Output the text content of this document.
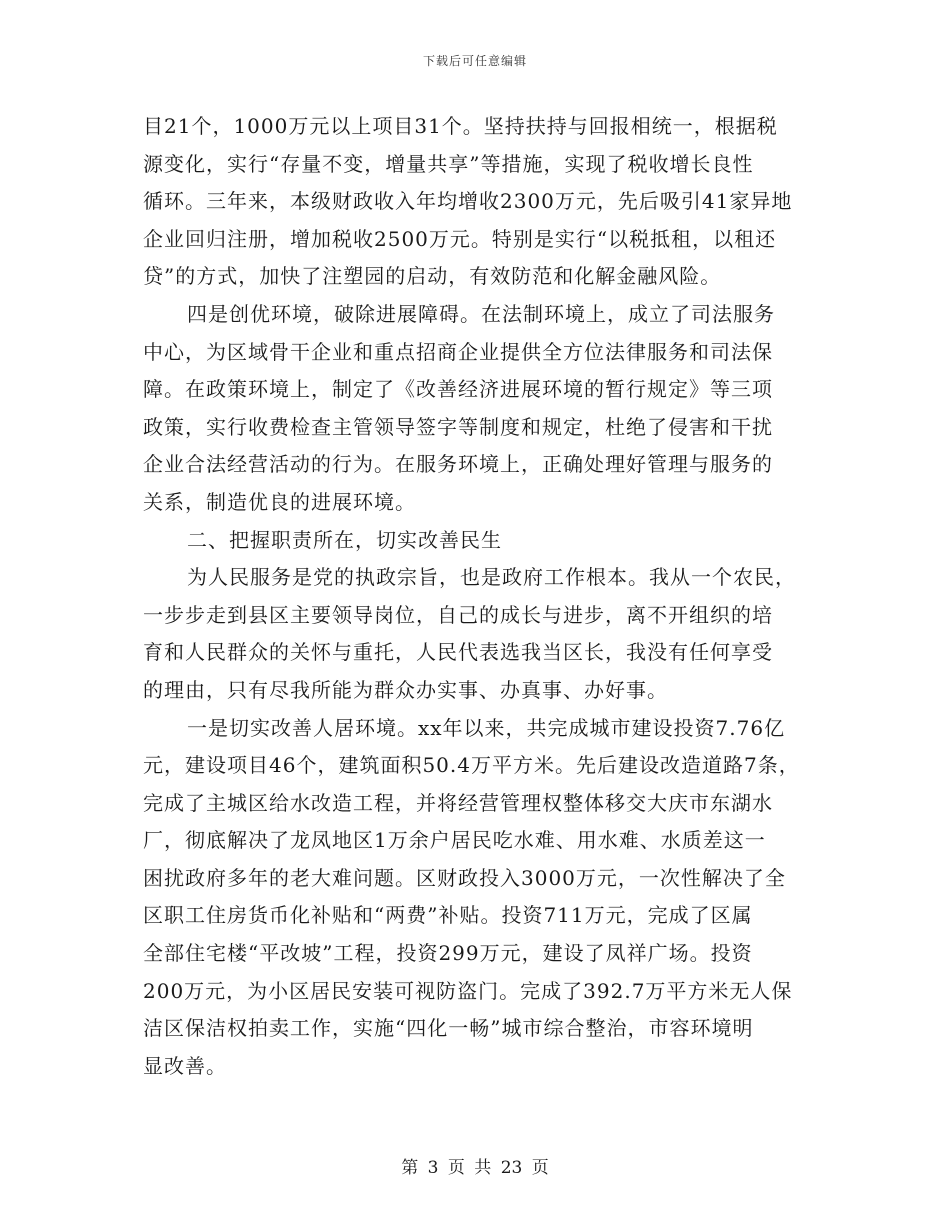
下载后可任意编辑
目21个，1000万元以上项目31个。坚持扶持与回报相统一，根据税
源变化，实行“存量不变，增量共享”等措施，实现了税收增长良性
循环。三年来，本级财政收入年均增收2300万元，先后吸引41家异地
企业回归注册，增加税收2500万元。特别是实行“以税抵租，以租还
贷”的方式，加快了注塑园的启动，有效防范和化解金融风险。
四是创优环境，破除进展障碍。在法制环境上，成立了司法服务
中心，为区域骨干企业和重点招商企业提供全方位法律服务和司法保
障。在政策环境上，制定了《改善经济进展环境的暂行规定》等三项
政策，实行收费检查主管领导签字等制度和规定，杜绝了侵害和干扰
企业合法经营活动的行为。在服务环境上，正确处理好管理与服务的
关系，制造优良的进展环境。
二、把握职责所在，切实改善民生
为人民服务是党的执政宗旨，也是政府工作根本。我从一个农民，
一步步走到县区主要领导岗位，自己的成长与进步，离不开组织的培
育和人民群众的关怀与重托，人民代表选我当区长，我没有任何享受
的理由，只有尽我所能为群众办实事、办真事、办好事。
一是切实改善人居环境。xx年以来，共完成城市建设投资7.76亿
元，建设项目46个，建筑面积50.4万平方米。先后建设改造道路7条，
完成了主城区给水改造工程，并将经营管理权整体移交大庆市东湖水
厂，彻底解决了龙凤地区1万余户居民吃水难、用水难、水质差这一
困扰政府多年的老大难问题。区财政投入3000万元，一次性解决了全
区职工住房货币化补贴和“两费”补贴。投资711万元，完成了区属
全部住宅楼“平改坡”工程，投资299万元，建设了凤祥广场。投资
200万元，为小区居民安装可视防盗门。完成了392.7万平方米无人保
洁区保洁权拍卖工作，实施“四化一畅”城市综合整治，市容环境明
显改善。
第 3 页 共 23 页
